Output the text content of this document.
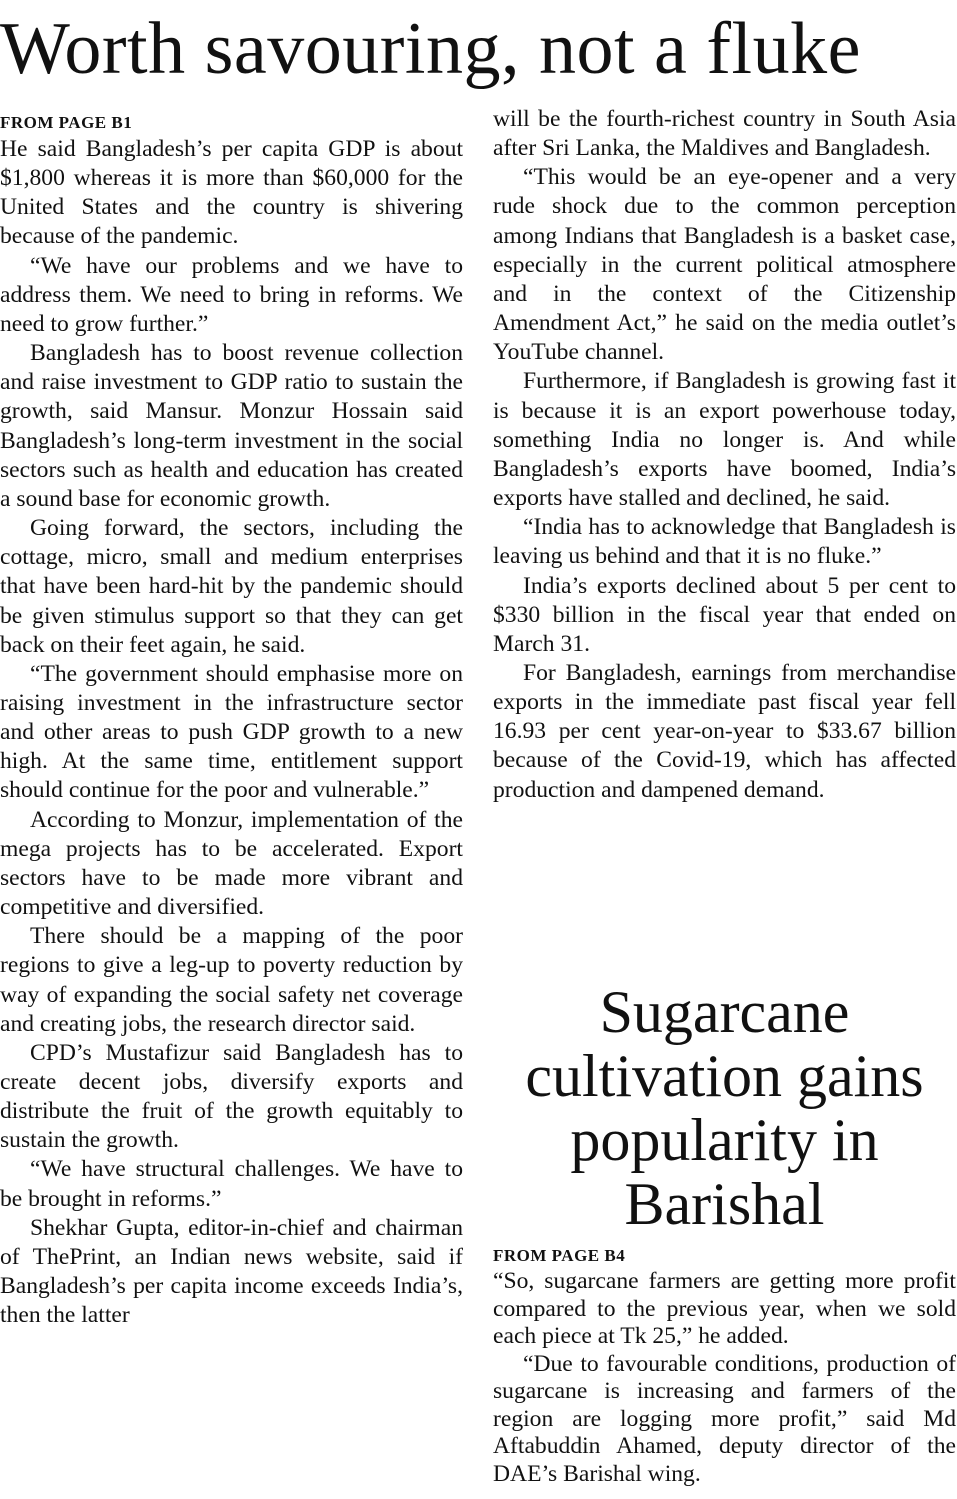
Worth savouring, not a fluke
FROM PAGE B1

He said Bangladesh’s per capita GDP is about $1,800 whereas it is more than $60,000 for the United States and the country is shivering because of the pandemic.

“We have our problems and we have to address them. We need to bring in reforms. We need to grow further.”

Bangladesh has to boost revenue collection and raise investment to GDP ratio to sustain the growth, said Mansur. Monzur Hossain said Bangladesh’s long-term investment in the social sectors such as health and education has created a sound base for economic growth.

Going forward, the sectors, including the cottage, micro, small and medium enterprises that have been hard-hit by the pandemic should be given stimulus support so that they can get back on their feet again, he said.

“The government should emphasise more on raising investment in the infrastructure sector and other areas to push GDP growth to a new high. At the same time, entitlement support should continue for the poor and vulnerable.”

According to Monzur, implementation of the mega projects has to be accelerated. Export sectors have to be made more vibrant and competitive and diversified.

There should be a mapping of the poor regions to give a leg-up to poverty reduction by way of expanding the social safety net coverage and creating jobs, the research director said.

CPD’s Mustafizur said Bangladesh has to create decent jobs, diversify exports and distribute the fruit of the growth equitably to sustain the growth.

“We have structural challenges. We have to be brought in reforms.”

Shekhar Gupta, editor-in-chief and chairman of ThePrint, an Indian news website, said if Bangladesh’s per capita income exceeds India’s, then the latter

will be the fourth-richest country in South Asia after Sri Lanka, the Maldives and Bangladesh.

“This would be an eye-opener and a very rude shock due to the common perception among Indians that Bangladesh is a basket case, especially in the current political atmosphere and in the context of the Citizenship Amendment Act,” he said on the media outlet’s YouTube channel.

Furthermore, if Bangladesh is growing fast it is because it is an export powerhouse today, something India no longer is. And while Bangladesh’s exports have boomed, India’s exports have stalled and declined, he said.

“India has to acknowledge that Bangladesh is leaving us behind and that it is no fluke.”

India’s exports declined about 5 per cent to $330 billion in the fiscal year that ended on March 31.

For Bangladesh, earnings from merchandise exports in the immediate past fiscal year fell 16.93 per cent year-on-year to $33.67 billion because of the Covid-19, which has affected production and dampened demand.

Sugarcane cultivation gains popularity in Barishal
FROM PAGE B4

“So, sugarcane farmers are getting more profit compared to the previous year, when we sold each piece at Tk 25,” he added.

“Due to favourable conditions, production of sugarcane is increasing and farmers of the region are logging more profit,” said Md Aftabuddin Ahamed, deputy director of the DAE’s Barishal wing.
